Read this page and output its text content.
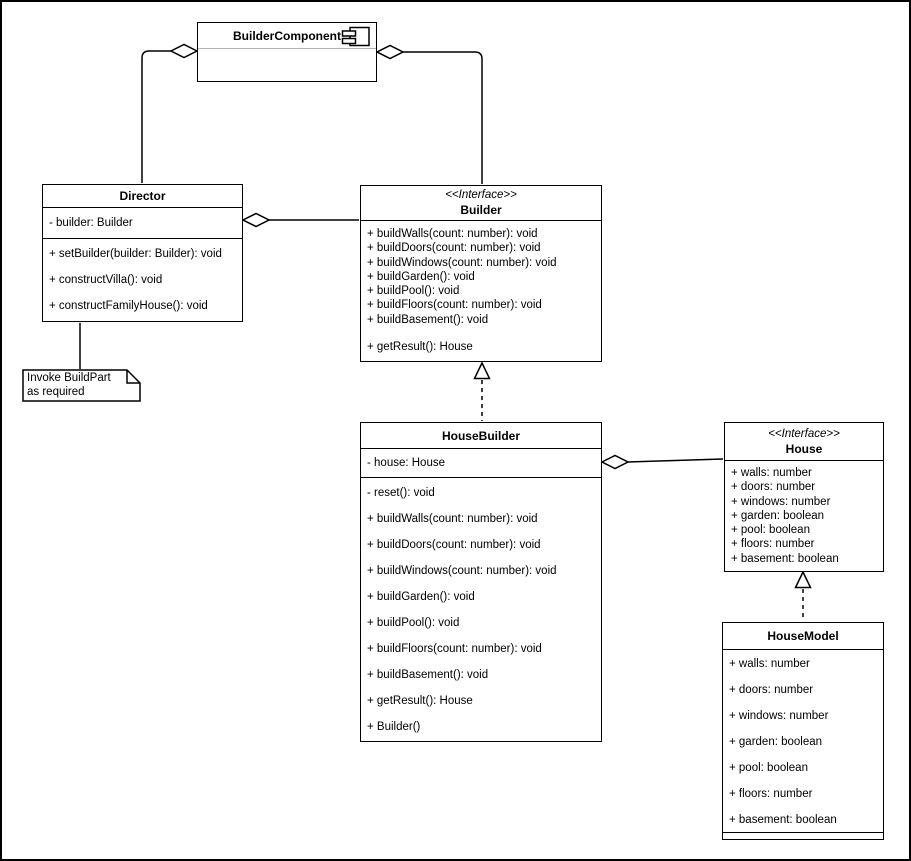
BuilderComponent
Director
- builder: Builder
+ setBuilder(builder: Builder): void
+ constructVilla(): void
+ constructFamilyHouse(): void
<<Interface>>
Builder
+ buildWalls(count: number): void
+ buildDoors(count: number): void
+ buildWindows(count: number): void
+ buildGarden(): void
+ buildPool(): void
+ buildFloors(count: number): void
+ buildBasement(): void
+ getResult(): House
HouseBuilder
- house: House
- reset(): void
+ buildWalls(count: number): void
+ buildDoors(count: number): void
+ buildWindows(count: number): void
+ buildGarden(): void
+ buildPool(): void
+ buildFloors(count: number): void
+ buildBasement(): void
+ getResult(): House
+ Builder()
<<Interface>>
House
+ walls: number
+ doors: number
+ windows: number
+ garden: boolean
+ pool: boolean
+ floors: number
+ basement: boolean
HouseModel
+ walls: number
+ doors: number
+ windows: number
+ garden: boolean
+ pool: boolean
+ floors: number
+ basement: boolean
Invoke BuildPart
as required
